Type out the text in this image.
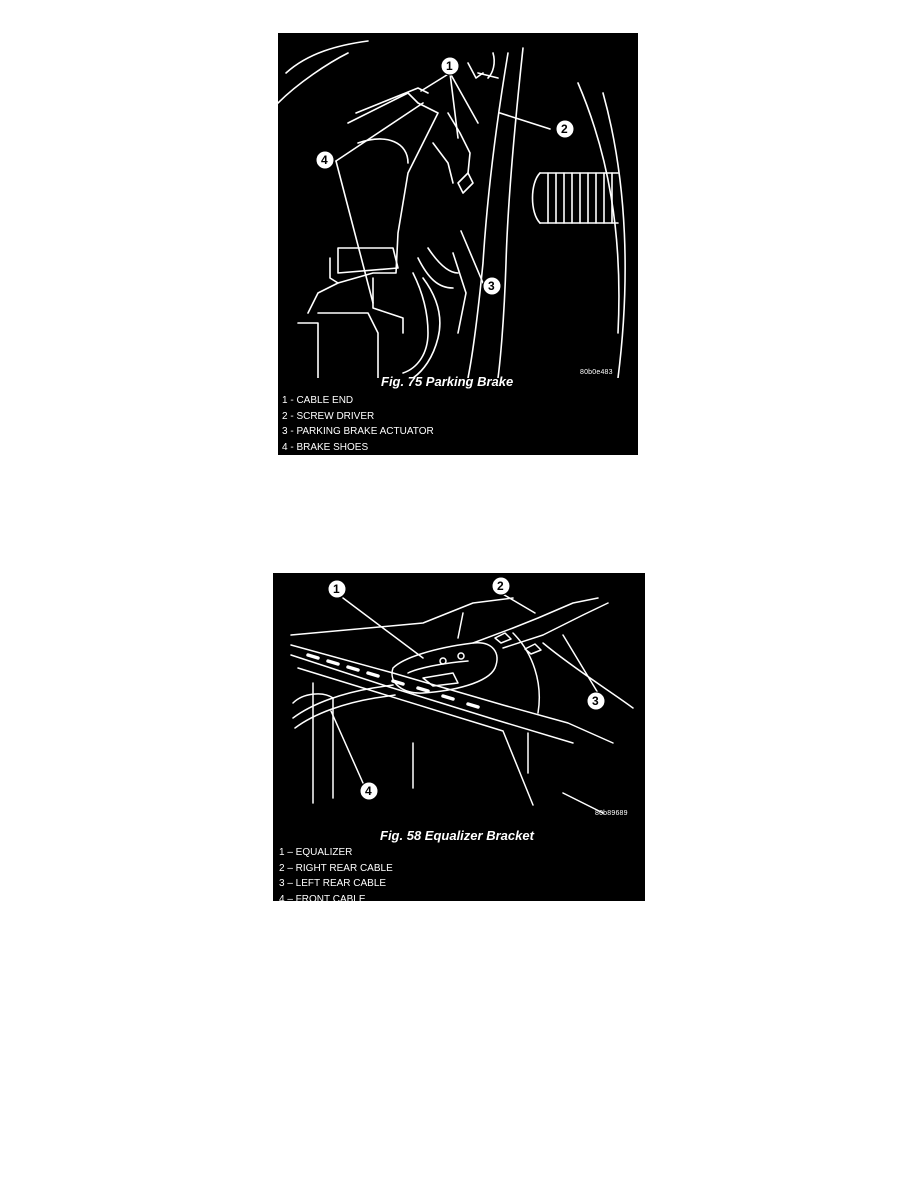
1
2
3
4
80b0e483
Fig. 75 Parking Brake
1 - CABLE END
2 - SCREW DRIVER
3 - PARKING BRAKE ACTUATOR
4 - BRAKE SHOES
1	2
3
4
80b89689
Fig. 58 Equalizer Bracket
1 – EQUALIZER
2 – RIGHT REAR CABLE
3 – LEFT REAR CABLE
4 – FRONT CABLE
